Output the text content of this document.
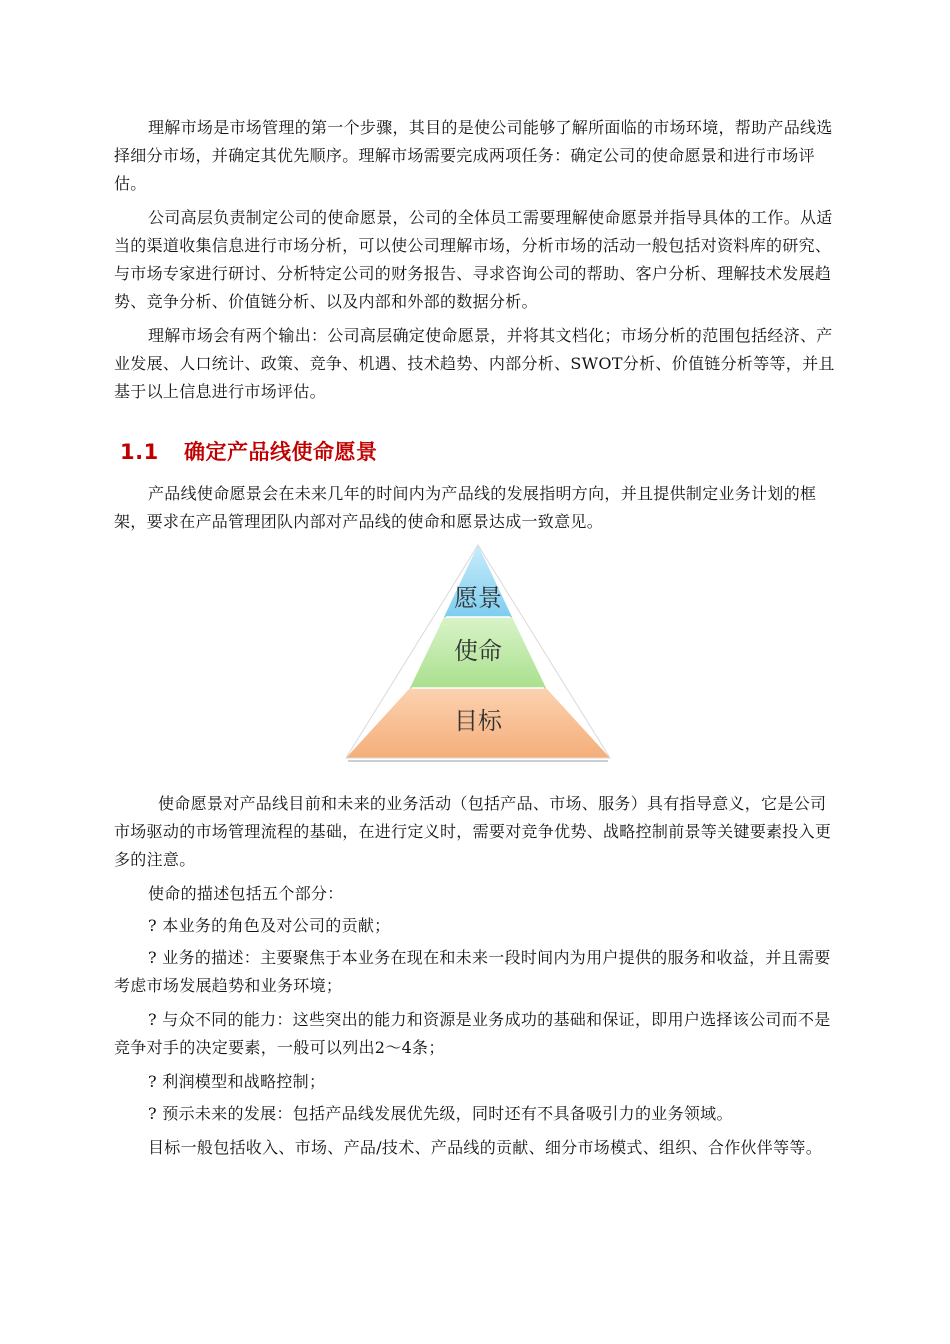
理解市场是市场管理的第一个步骤，其目的是使公司能够了解所面临的市场环境，帮助产品线选择细分市场，并确定其优先顺序。理解市场需要完成两项任务：确定公司的使命愿景和进行市场评估。

公司高层负责制定公司的使命愿景，公司的全体员工需要理解使命愿景并指导具体的工作。从适当的渠道收集信息进行市场分析，可以使公司理解市场，分析市场的活动一般包括对资料库的研究、与市场专家进行研讨、分析特定公司的财务报告、寻求咨询公司的帮助、客户分析、理解技术发展趋势、竞争分析、价值链分析、以及内部和外部的数据分析。

理解市场会有两个输出：公司高层确定使命愿景，并将其文档化；市场分析的范围包括经济、产业发展、人口统计、政策、竞争、机遇、技术趋势、内部分析、SWOT分析、价值链分析等等，并且基于以上信息进行市场评估。

1.1 确定产品线使命愿景

产品线使命愿景会在未来几年的时间内为产品线的发展指明方向，并且提供制定业务计划的框架，要求在产品管理团队内部对产品线的使命和愿景达成一致意见。

愿景
使命
目标

使命愿景对产品线目前和未来的业务活动（包括产品、市场、服务）具有指导意义，它是公司市场驱动的市场管理流程的基础，在进行定义时，需要对竞争优势、战略控制前景等关键要素投入更多的注意。

使命的描述包括五个部分：

? 本业务的角色及对公司的贡献；

? 业务的描述：主要聚焦于本业务在现在和未来一段时间内为用户提供的服务和收益，并且需要考虑市场发展趋势和业务环境；

? 与众不同的能力：这些突出的能力和资源是业务成功的基础和保证，即用户选择该公司而不是竞争对手的决定要素，一般可以列出2～4条；

? 利润模型和战略控制；

? 预示未来的发展：包括产品线发展优先级，同时还有不具备吸引力的业务领域。

目标一般包括收入、市场、产品/技术、产品线的贡献、细分市场模式、组织、合作伙伴等等。
